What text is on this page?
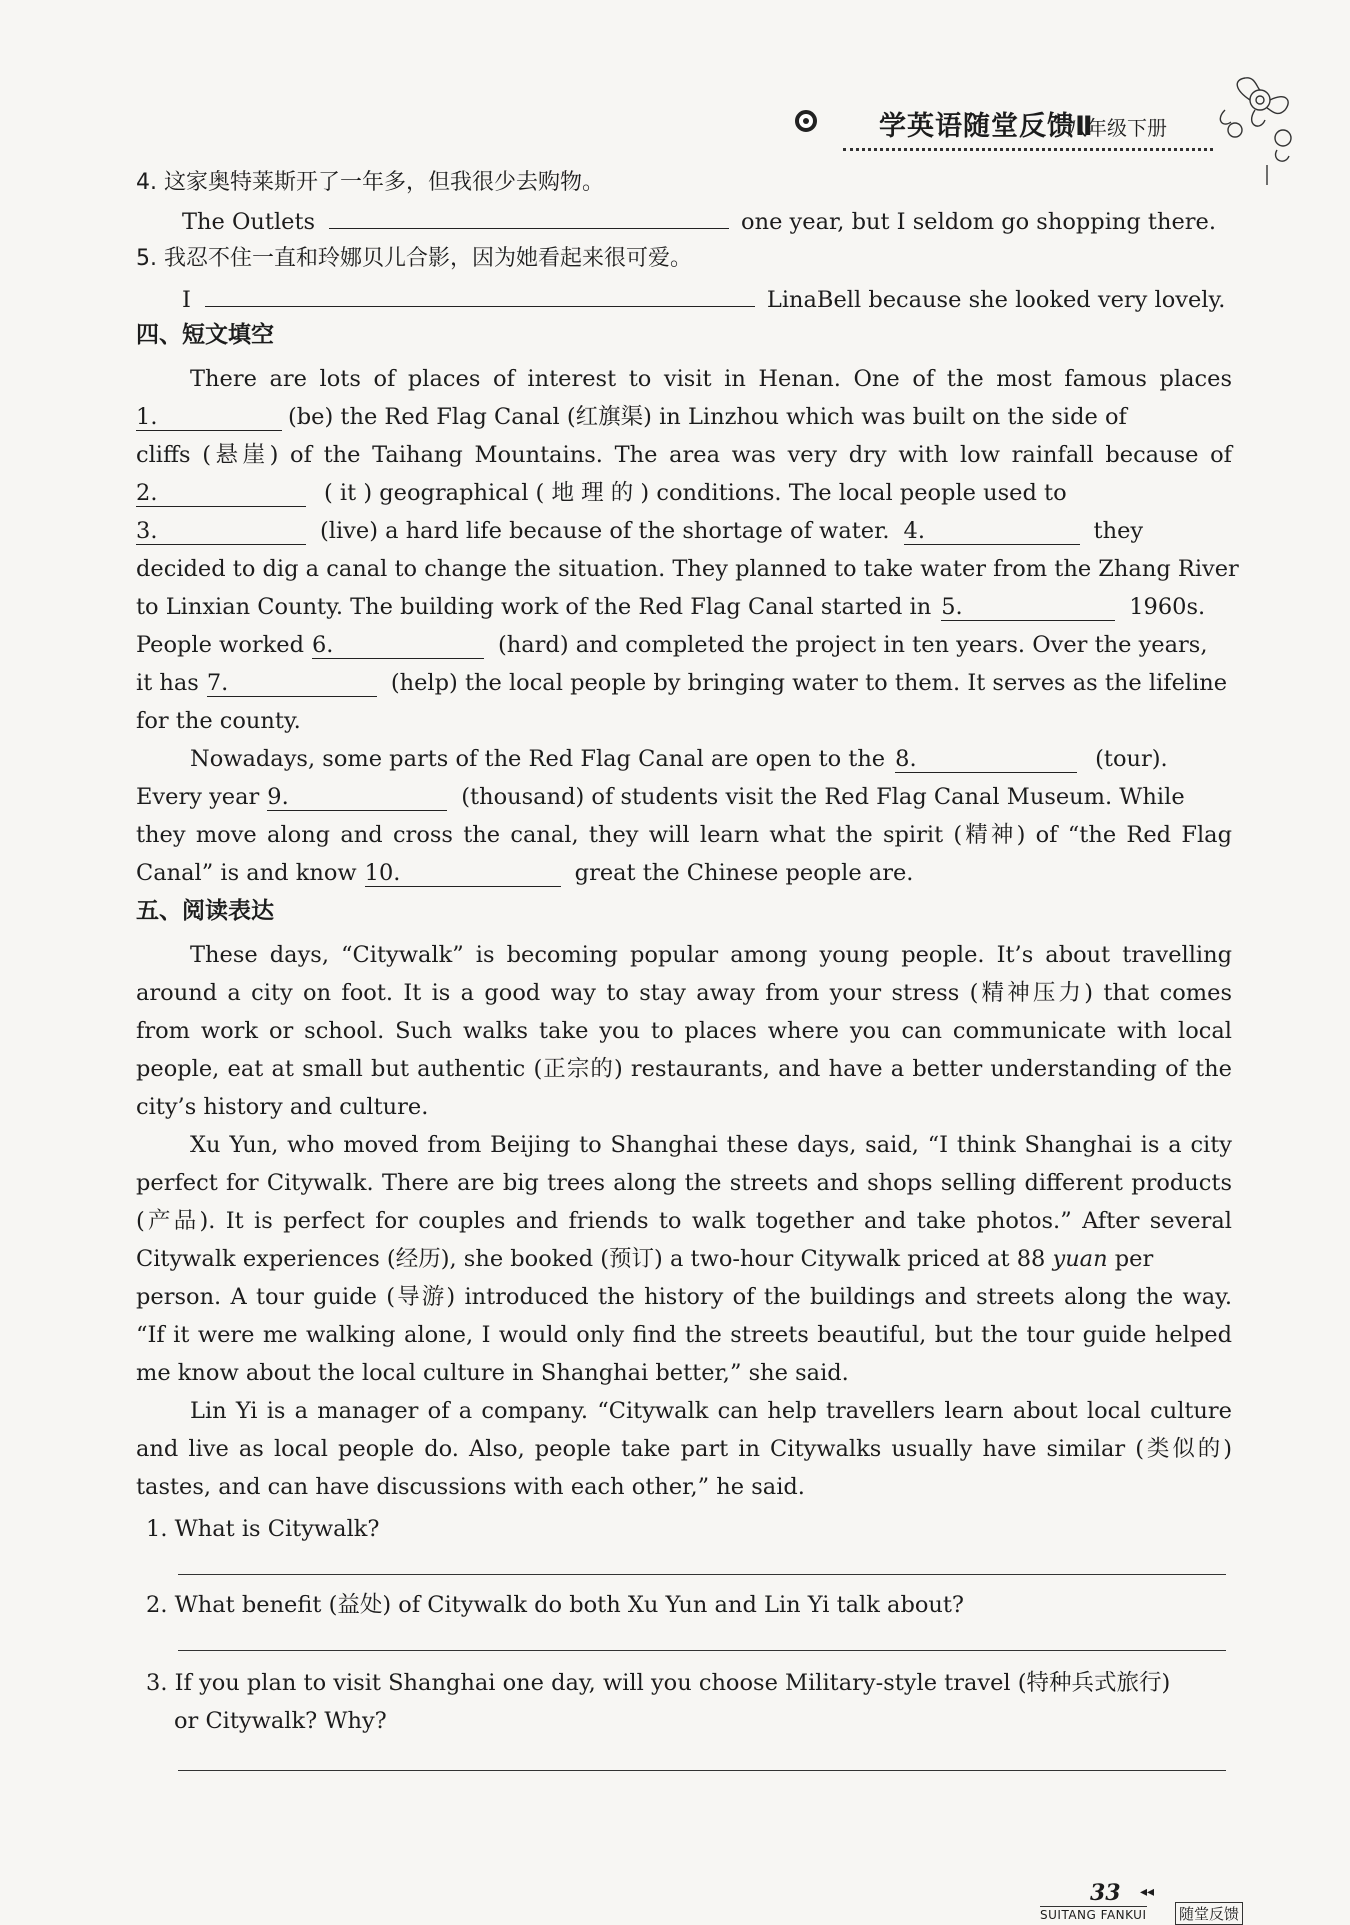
学英语随堂反馈Ⅱ
八年级下册
4. 这家奥特莱斯开了一年多，但我很少去购物。
The Outlets	one year, but I seldom go shopping there.
5. 我忍不住一直和玲娜贝儿合影，因为她看起来很可爱。
I	LinaBell because she looked very lovely.
四、短文填空
There are lots of places of interest to visit in Henan. One of the most famous places
1.	(be) the Red Flag Canal (红旗渠) in Linzhou which was built on the side of
cliffs (悬崖) of the Taihang Mountains. The area was very dry with low rainfall because of
2.	( it ) geographical ( 地 理 的 ) conditions. The local people used to
3.	(live) a hard life because of the shortage of water. 4.	they
decided to dig a canal to change the situation. They planned to take water from the Zhang River
to Linxian County. The building work of the Red Flag Canal started in 5.	1960s.
People worked 6.	(hard) and completed the project in ten years. Over the years,
it has 7.	(help) the local people by bringing water to them. It serves as the lifeline
for the county.
Nowadays, some parts of the Red Flag Canal are open to the 8.	(tour).
Every year 9.	(thousand) of students visit the Red Flag Canal Museum. While
they move along and cross the canal, they will learn what the spirit (精神) of “the Red Flag
Canal” is and know 10.	great the Chinese people are.
五、阅读表达
These days, “Citywalk” is becoming popular among young people. It’s about travelling
around a city on foot. It is a good way to stay away from your stress (精神压力) that comes
from work or school. Such walks take you to places where you can communicate with local
people, eat at small but authentic (正宗的) restaurants, and have a better understanding of the
city’s history and culture.
Xu Yun, who moved from Beijing to Shanghai these days, said, “I think Shanghai is a city
perfect for Citywalk. There are big trees along the streets and shops selling different products
(产品). It is perfect for couples and friends to walk together and take photos.” After several
Citywalk experiences (经历), she booked (预订) a two-hour Citywalk priced at 88 yuan per
person. A tour guide (导游) introduced the history of the buildings and streets along the way.
“If it were me walking alone, I would only find the streets beautiful, but the tour guide helped
me know about the local culture in Shanghai better,” she said.
Lin Yi is a manager of a company. “Citywalk can help travellers learn about local culture
and live as local people do. Also, people take part in Citywalks usually have similar (类似的)
tastes, and can have discussions with each other,” he said.
1. What is Citywalk?
2. What benefit (益处) of Citywalk do both Xu Yun and Lin Yi talk about?
3. If you plan to visit Shanghai one day, will you choose Military-style travel (特种兵式旅行)
or Citywalk? Why?
33 ◂◂
SUITANG FANKUI 随堂反馈
